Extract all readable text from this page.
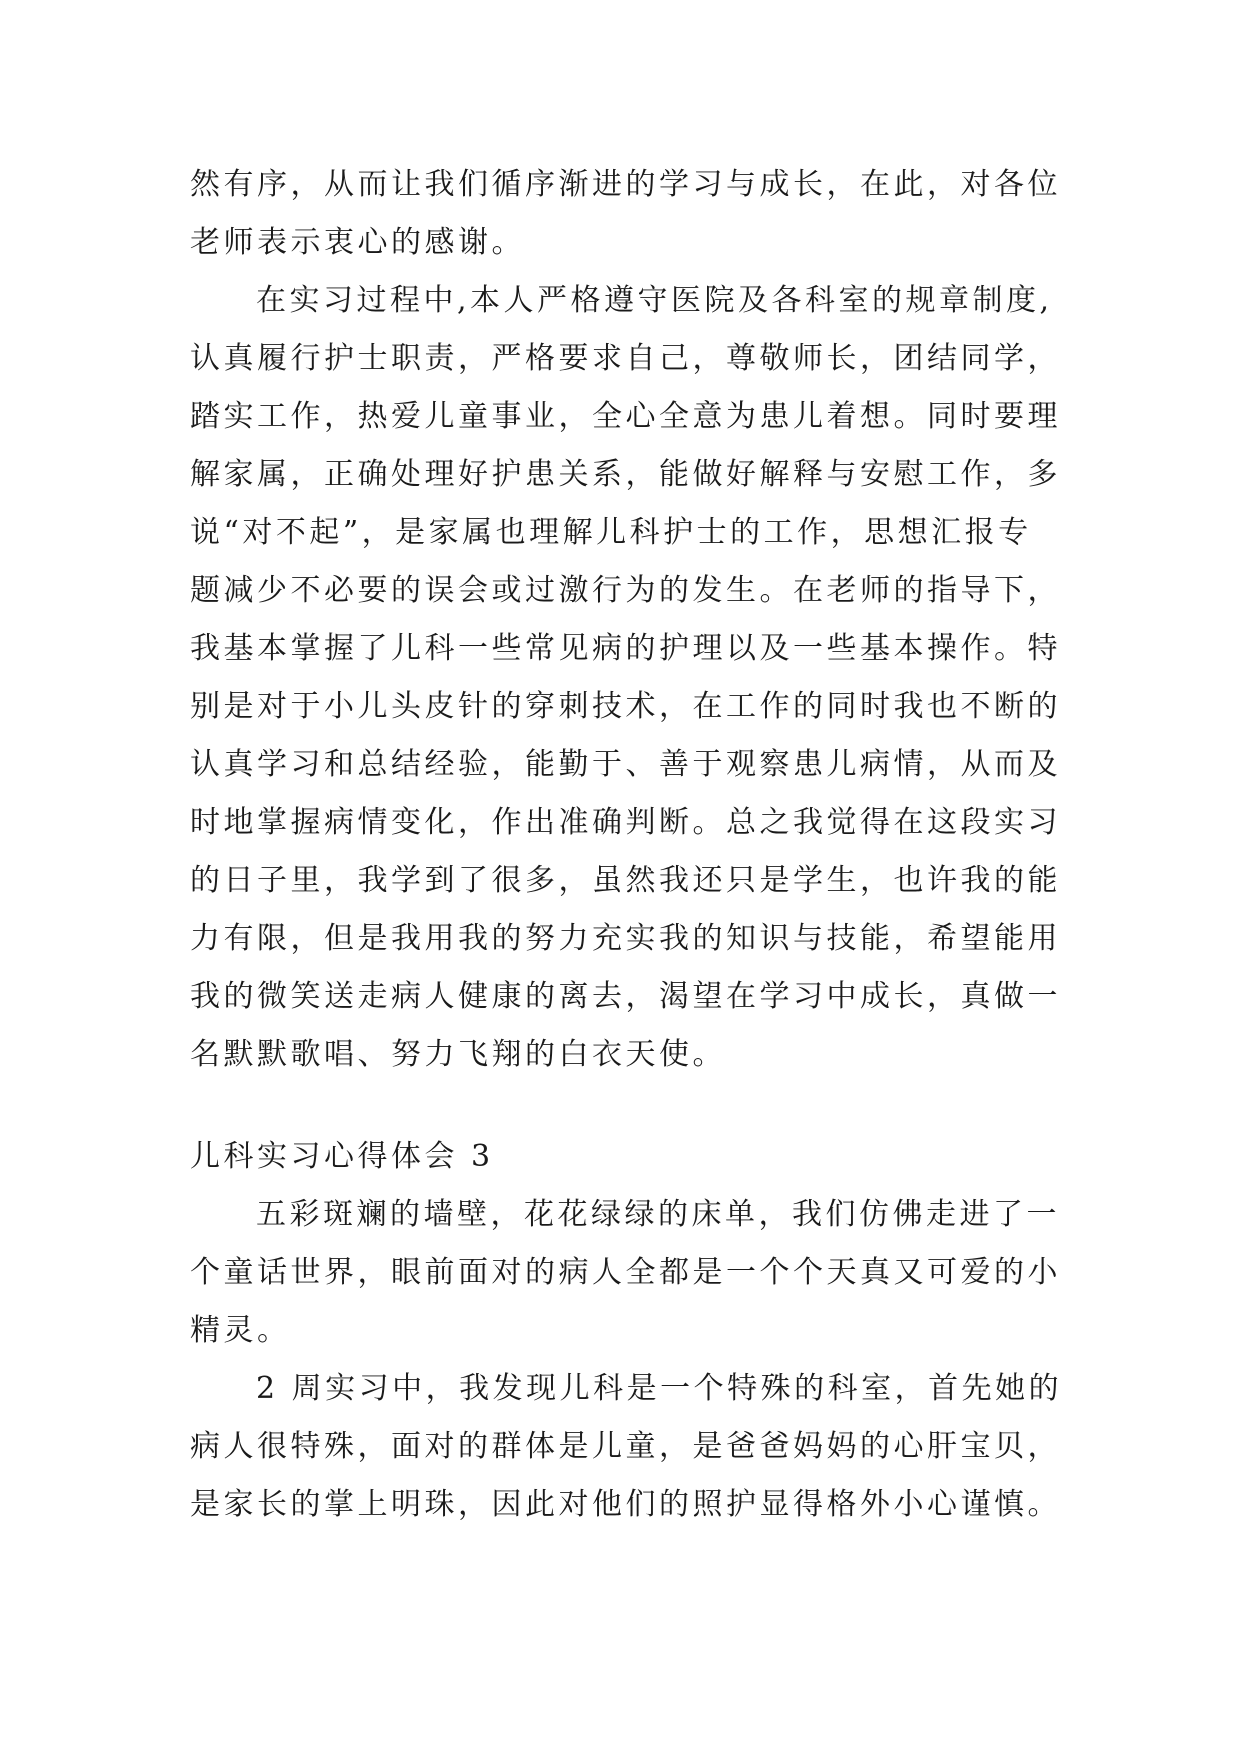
然有序，从而让我们循序渐进的学习与成长，在此，对各位
老师表示衷心的感谢。
在实习过程中,本人严格遵守医院及各科室的规章制度,
认真履行护士职责，严格要求自己，尊敬师长，团结同学，
踏实工作，热爱儿童事业，全心全意为患儿着想。同时要理
解家属，正确处理好护患关系，能做好解释与安慰工作，多
说“对不起”，是家属也理解儿科护士的工作，思想汇报专
题减少不必要的误会或过激行为的发生。在老师的指导下，
我基本掌握了儿科一些常见病的护理以及一些基本操作。特
别是对于小儿头皮针的穿刺技术，在工作的同时我也不断的
认真学习和总结经验，能勤于、善于观察患儿病情，从而及
时地掌握病情变化，作出准确判断。总之我觉得在这段实习
的日子里，我学到了很多，虽然我还只是学生，也许我的能
力有限，但是我用我的努力充实我的知识与技能，希望能用
我的微笑送走病人健康的离去，渴望在学习中成长，真做一
名默默歌唱、努力飞翔的白衣天使。
儿科实习心得体会 3
五彩斑斓的墙壁，花花绿绿的床单，我们仿佛走进了一
个童话世界，眼前面对的病人全都是一个个天真又可爱的小
精灵。
2 周实习中，我发现儿科是一个特殊的科室，首先她的
病人很特殊，面对的群体是儿童，是爸爸妈妈的心肝宝贝，
是家长的掌上明珠，因此对他们的照护显得格外小心谨慎。
